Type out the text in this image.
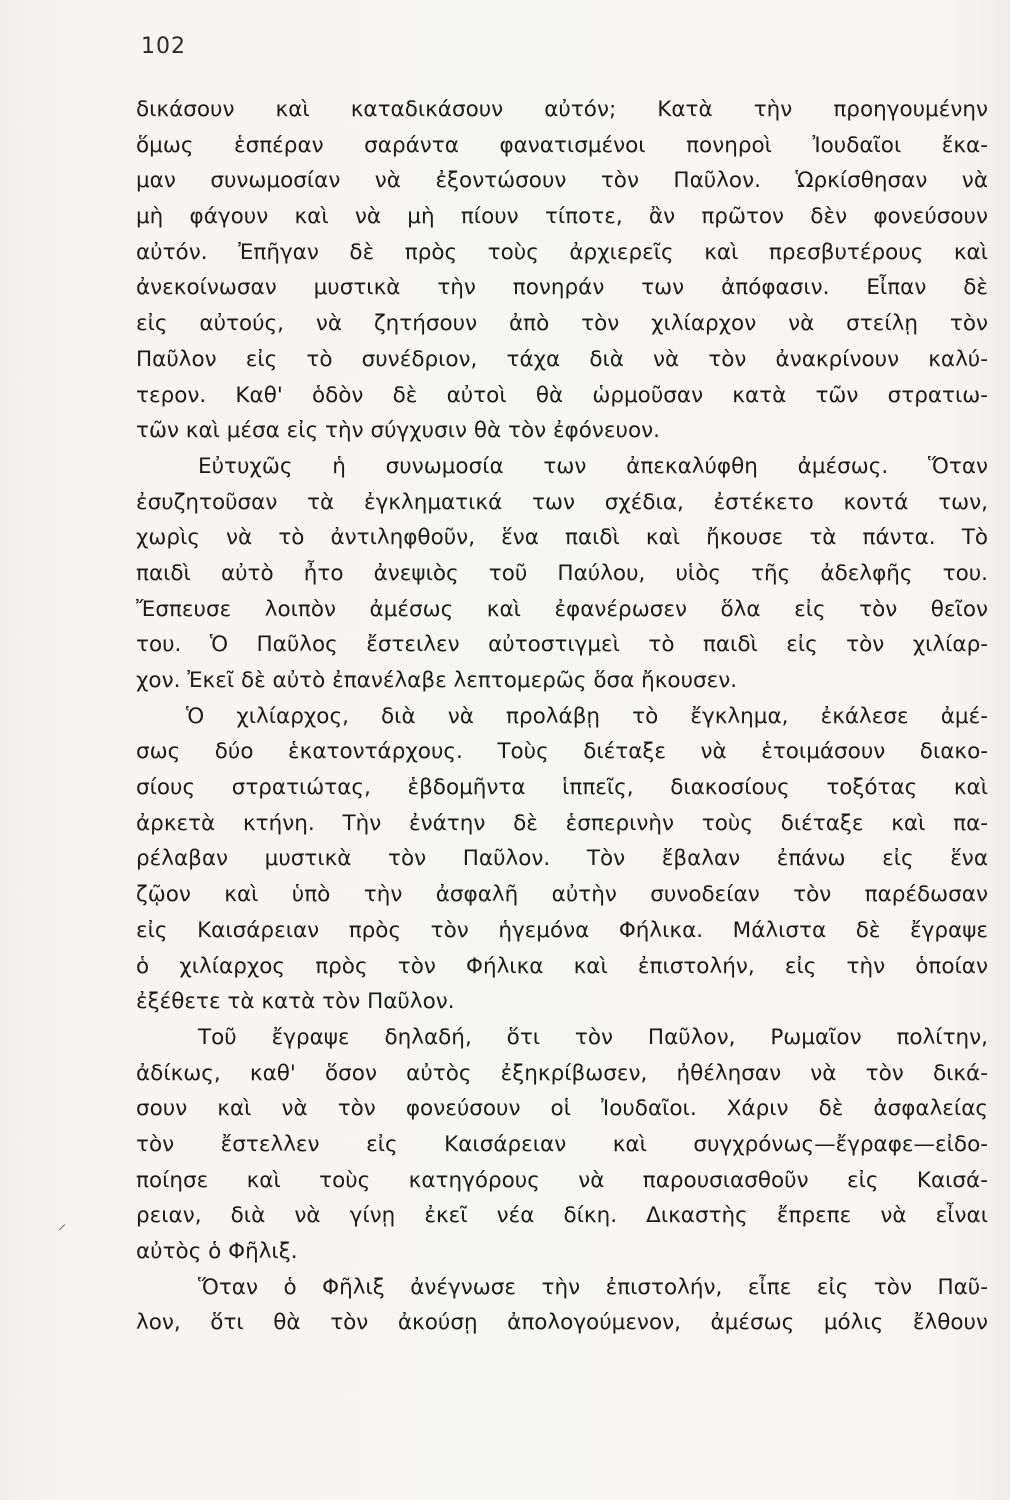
102
δικάσουν καὶ καταδικάσουν αὐτόν; Κατὰ τὴν προηγουμένην
ὅμως ἑσπέραν σαράντα φανατισμένοι πονηροὶ Ἰουδαῖοι ἔκα-
μαν συνωμοσίαν νὰ ἐξοντώσουν τὸν Παῦλον. Ὡρκίσθησαν νὰ
μὴ φάγουν καὶ νὰ μὴ πίουν τίποτε, ἂν πρῶτον δὲν φονεύσουν
αὐτόν. Ἐπῆγαν δὲ πρὸς τοὺς ἀρχιερεῖς καὶ πρεσβυτέρους καὶ
ἀνεκοίνωσαν μυστικὰ τὴν πονηράν των ἀπόφασιν. Εἶπαν δὲ
εἰς αὐτούς, νὰ ζητήσουν ἀπὸ τὸν χιλίαρχον νὰ στείλῃ τὸν
Παῦλον εἰς τὸ συνέδριον, τάχα διὰ νὰ τὸν ἀνακρίνουν καλύ-
τερον. Καθ' ὁδὸν δὲ αὐτοὶ θὰ ὡρμοῦσαν κατὰ τῶν στρατιω-
τῶν καὶ μέσα εἰς τὴν σύγχυσιν θὰ τὸν ἐφόνευον.
Εὐτυχῶς ἡ συνωμοσία των ἀπεκαλύφθη ἀμέσως. Ὅταν
ἐσυζητοῦσαν τὰ ἐγκληματικά των σχέδια, ἐστέκετο κοντά των,
χωρὶς νὰ τὸ ἀντιληφθοῦν, ἕνα παιδὶ καὶ ἤκουσε τὰ πάντα. Τὸ
παιδὶ αὐτὸ ἦτο ἀνεψιὸς τοῦ Παύλου, υἱὸς τῆς ἀδελφῆς του.
Ἔσπευσε λοιπὸν ἀμέσως καὶ ἐφανέρωσεν ὅλα εἰς τὸν θεῖον
του. Ὁ Παῦλος ἔστειλεν αὐτοστιγμεὶ τὸ παιδὶ εἰς τὸν χιλίαρ-
χον. Ἐκεῖ δὲ αὐτὸ ἐπανέλαβε λεπτομερῶς ὅσα ἤκουσεν.
Ὁ χιλίαρχος, διὰ νὰ προλάβῃ τὸ ἔγκλημα, ἐκάλεσε ἀμέ-
σως δύο ἑκατοντάρχους. Τοὺς διέταξε νὰ ἑτοιμάσουν διακο-
σίους στρατιώτας, ἑβδομῆντα ἱππεῖς, διακοσίους τοξότας καὶ
ἀρκετὰ κτήνη. Τὴν ἐνάτην δὲ ἑσπερινὴν τοὺς διέταξε καὶ πα-
ρέλαβαν μυστικὰ τὸν Παῦλον. Τὸν ἔβαλαν ἐπάνω εἰς ἕνα
ζῷον καὶ ὑπὸ τὴν ἀσφαλῆ αὐτὴν συνοδείαν τὸν παρέδωσαν
εἰς Καισάρειαν πρὸς τὸν ἡγεμόνα Φήλικα. Μάλιστα δὲ ἔγραψε
ὁ χιλίαρχος πρὸς τὸν Φήλικα καὶ ἐπιστολήν, εἰς τὴν ὁποίαν
ἐξέθετε τὰ κατὰ τὸν Παῦλον.
Τοῦ ἔγραψε δηλαδή, ὅτι τὸν Παῦλον, Ρωμαῖον πολίτην,
ἀδίκως, καθ' ὅσον αὐτὸς ἐξηκρίβωσεν, ἠθέλησαν νὰ τὸν δικά-
σουν καὶ νὰ τὸν φονεύσουν οἱ Ἰουδαῖοι. Χάριν δὲ ἀσφαλείας
τὸν ἔστελλεν εἰς Καισάρειαν καὶ συγχρόνως—ἔγραφε—εἰδο-
ποίησε καὶ τοὺς κατηγόρους νὰ παρουσιασθοῦν εἰς Καισά-
ρειαν, διὰ νὰ γίνῃ ἐκεῖ νέα δίκη. Δικαστὴς ἔπρεπε νὰ εἶναι
αὐτὸς ὁ Φῆλιξ.
Ὅταν ὁ Φῆλιξ ἀνέγνωσε τὴν ἐπιστολήν, εἶπε εἰς τὸν Παῦ-
λον, ὅτι θὰ τὸν ἀκούσῃ ἀπολογούμενον, ἀμέσως μόλις ἔλθουν
⸝
